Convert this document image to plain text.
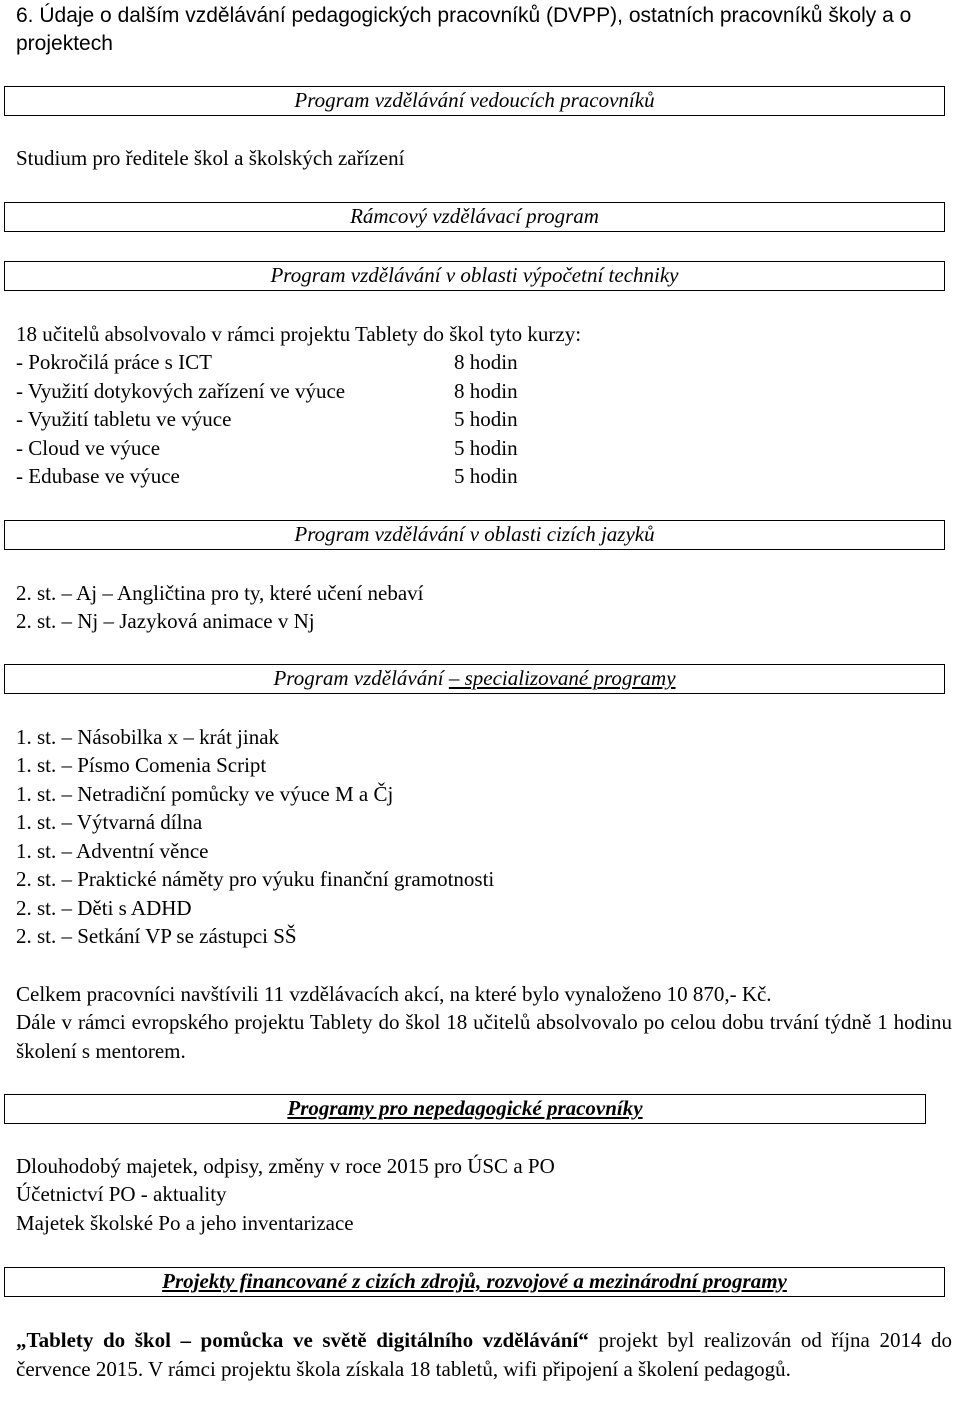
6. Údaje o dalším vzdělávání pedagogických pracovníků (DVPP), ostatních pracovníků školy a o projektech
Program vzdělávání vedoucích pracovníků
Studium pro ředitele škol a školských zařízení
Rámcový vzdělávací program
Program vzdělávání v oblasti výpočetní techniky
18 učitelů absolvovalo v rámci projektu Tablety do škol tyto kurzy:
- Pokročilá práce s ICT	8 hodin
- Využití dotykových zařízení ve výuce	8 hodin
- Využití tabletu ve výuce	5 hodin
- Cloud ve výuce	5 hodin
- Edubase ve výuce	5 hodin
Program vzdělávání v oblasti cizích jazyků
2. st. – Aj – Angličtina pro ty, které učení nebaví
2. st. – Nj – Jazyková animace v Nj
Program vzdělávání – specializované programy
1. st. – Násobilka x – krát jinak
1. st. – Písmo Comenia Script
1. st. – Netradiční pomůcky ve výuce M a Čj
1. st. – Výtvarná dílna
1. st. – Adventní věnce
2. st. – Praktické náměty pro výuku finanční gramotnosti
2. st. – Děti s ADHD
2. st. – Setkání VP se zástupci SŠ
Celkem pracovníci navštívili 11 vzdělávacích akcí, na které bylo vynaloženo 10 870,- Kč.
Dále v rámci evropského projektu Tablety do škol 18 učitelů absolvovalo po celou dobu trvání týdně 1 hodinu školení s mentorem.
Programy pro nepedagogické pracovníky
Dlouhodobý majetek, odpisy, změny v roce 2015 pro ÚSC a PO
Účetnictví PO - aktuality
Majetek školské Po a jeho inventarizace
Projekty financované z cizích zdrojů, rozvojové a mezinárodní programy
„Tablety do škol – pomůcka ve světě digitálního vzdělávání“ projekt byl realizován od října 2014 do července 2015. V rámci projektu škola získala 18 tabletů, wifi připojení a školení pedagogů.
